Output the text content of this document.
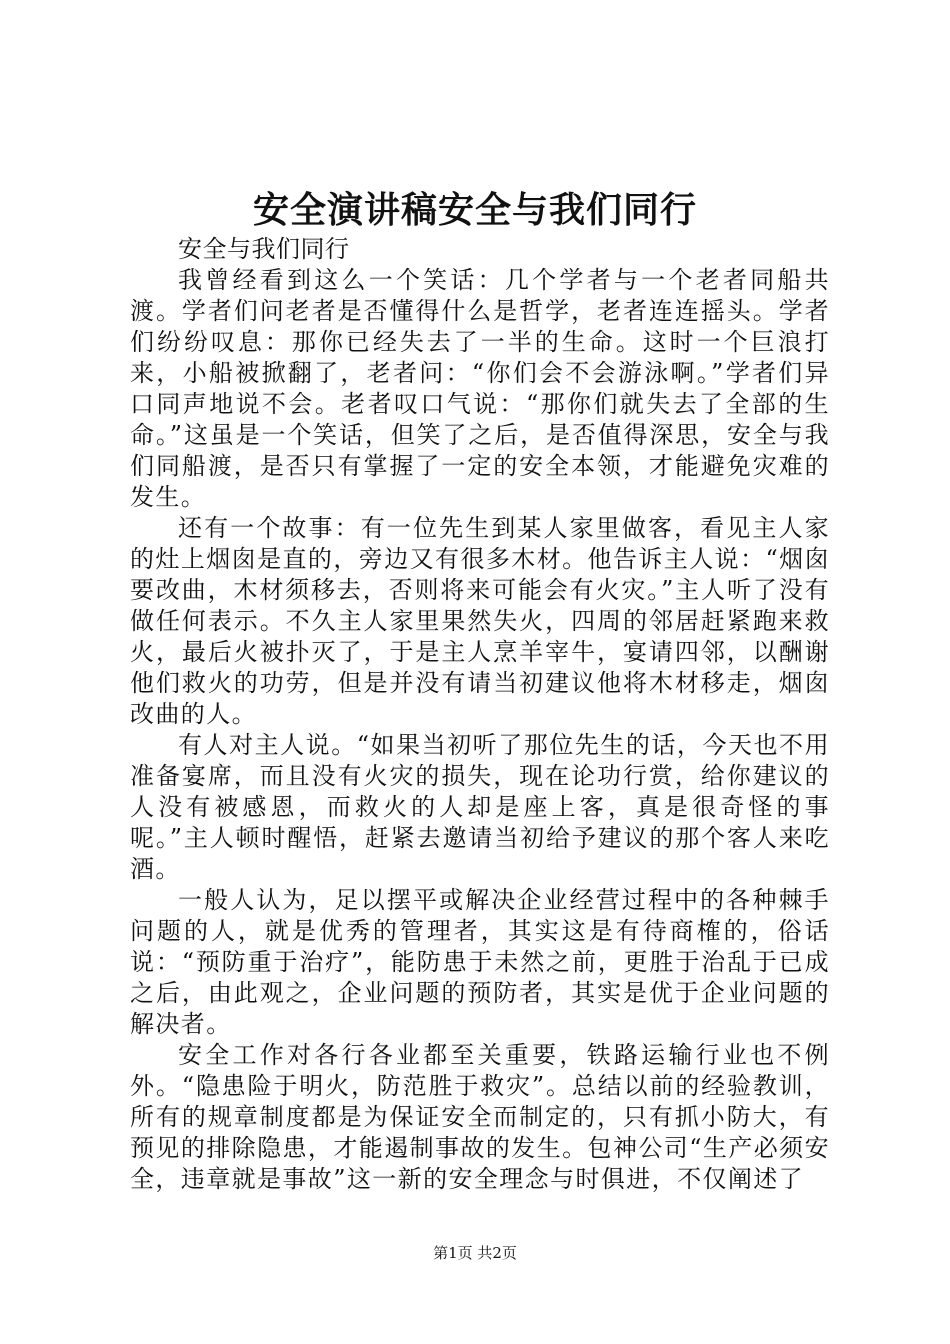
安全演讲稿安全与我们同行

安全与我们同行

我曾经看到这么一个笑话：几个学者与一个老者同船共渡。学者们问老者是否懂得什么是哲学，老者连连摇头。学者们纷纷叹息：那你已经失去了一半的生命。这时一个巨浪打来，小船被掀翻了，老者问：“你们会不会游泳啊。”学者们异口同声地说不会。老者叹口气说：“那你们就失去了全部的生命。”这虽是一个笑话，但笑了之后，是否值得深思，安全与我们同船渡，是否只有掌握了一定的安全本领，才能避免灾难的发生。

还有一个故事：有一位先生到某人家里做客，看见主人家的灶上烟囱是直的，旁边又有很多木材。他告诉主人说：“烟囱要改曲，木材须移去，否则将来可能会有火灾。”主人听了没有做任何表示。不久主人家里果然失火，四周的邻居赶紧跑来救火，最后火被扑灭了，于是主人烹羊宰牛，宴请四邻，以酬谢他们救火的功劳，但是并没有请当初建议他将木材移走，烟囱改曲的人。

有人对主人说。“如果当初听了那位先生的话，今天也不用准备宴席，而且没有火灾的损失，现在论功行赏，给你建议的人没有被感恩，而救火的人却是座上客，真是很奇怪的事呢。”主人顿时醒悟，赶紧去邀请当初给予建议的那个客人来吃酒。

一般人认为，足以摆平或解决企业经营过程中的各种棘手问题的人，就是优秀的管理者，其实这是有待商榷的，俗话说：“预防重于治疗”，能防患于未然之前，更胜于治乱于已成之后，由此观之，企业问题的预防者，其实是优于企业问题的解决者。

安全工作对各行各业都至关重要，铁路运输行业也不例外。“隐患险于明火，防范胜于救灾”。总结以前的经验教训，所有的规章制度都是为保证安全而制定的，只有抓小防大，有预见的排除隐患，才能遏制事故的发生。包神公司“生产必须安全，违章就是事故”这一新的安全理念与时俱进，不仅阐述了

第1页 共2页
